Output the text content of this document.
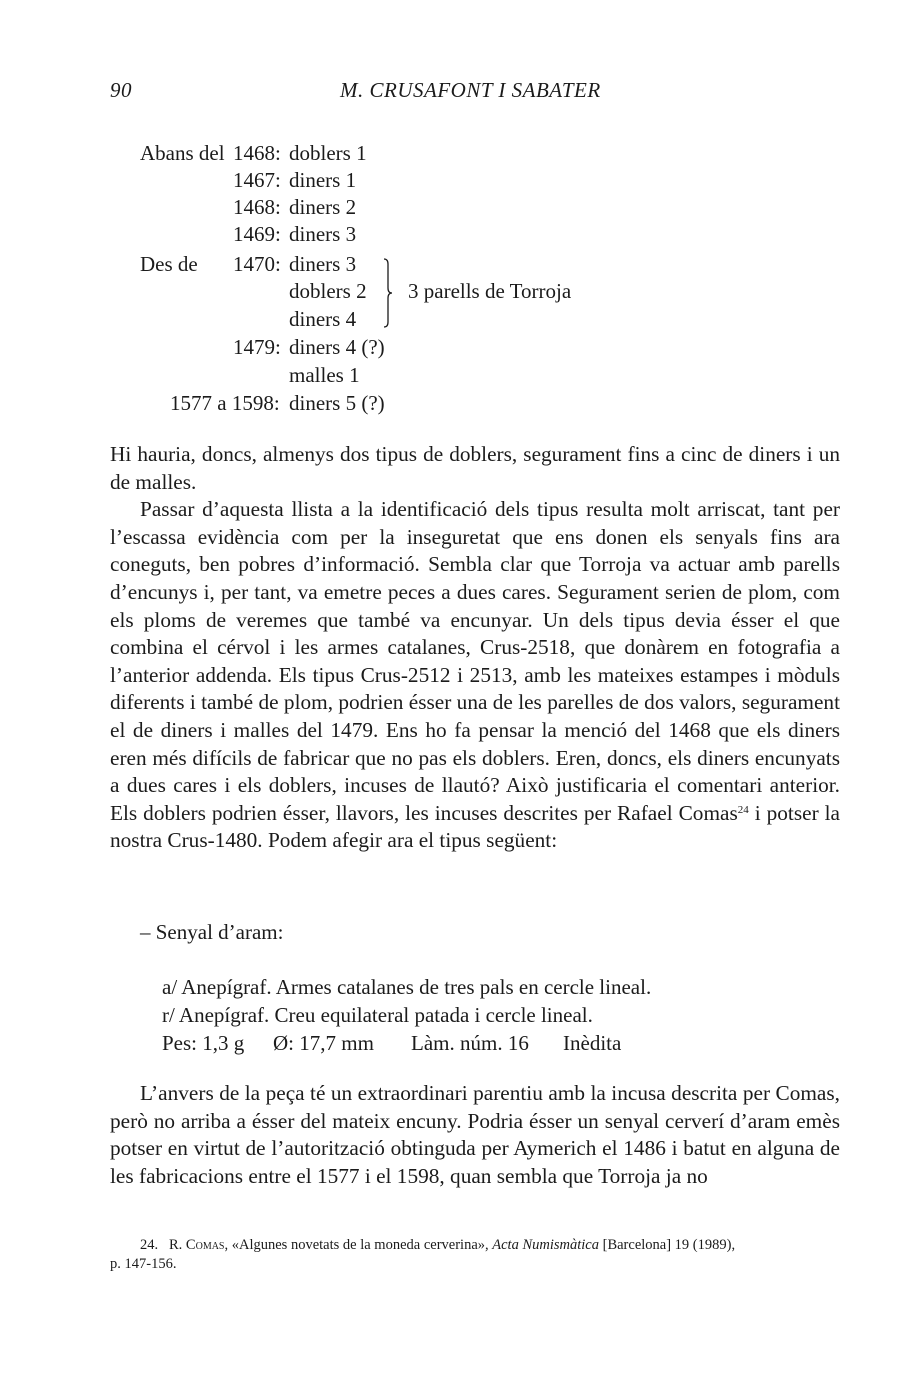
90	M. CRUSAFONT I SABATER
Abans del 1468: doblers 1
1467: diners 1
1468: diners 2
1469: diners 3
Des de 1470: diners 3
doblers 2
diners 4
1479: diners 4 (?)
malles 1
1577 a 1598: diners 5 (?)
3 parells de Torroja

Hi hauria, doncs, almenys dos tipus de doblers, segurament fins a cinc de diners i un de malles.

Passar d’aquesta llista a la identificació dels tipus resulta molt arriscat, tant per l’escassa evidència com per la inseguretat que ens donen els senyals fins ara coneguts, ben pobres d’informació. Sembla clar que Torroja va actuar amb parells d’encunys i, per tant, va emetre peces a dues cares. Segurament serien de plom, com els ploms de veremes que també va encunyar. Un dels tipus devia ésser el que combina el cérvol i les armes catalanes, Crus-2518, que donàrem en fotografia a l’anterior addenda. Els tipus Crus-2512 i 2513, amb les mateixes estampes i mòduls diferents i també de plom, podrien ésser una de les parelles de dos valors, segurament el de diners i malles del 1479. Ens ho fa pensar la menció del 1468 que els diners eren més difícils de fabricar que no pas els doblers. Eren, doncs, els diners encunyats a dues cares i els doblers, incuses de llautó? Això justificaria el comentari anterior. Els doblers podrien ésser, llavors, les incuses descrites per Rafael Comas$^{24}$ i potser la nostra Crus-1480. Podem afegir ara el tipus següent:

– Senyal d’aram:
a/ Anepígraf. Armes catalanes de tres pals en cercle lineal.
r/ Anepígraf. Creu equilateral patada i cercle lineal.
Pes: 1,3 g Ø: 17,7 mm Làm. núm. 16 Inèdita

L’anvers de la peça té un extraordinari parentiu amb la incusa descrita per Comas, però no arriba a ésser del mateix encuny. Podria ésser un senyal cerverí d’aram emès potser en virtut de l’autorització obtinguda per Aymerich el 1486 i batut en alguna de les fabricacions entre el 1577 i el 1598, quan sembla que Torroja ja no

24. R. Comas, «Algunes novetats de la moneda cerverina», Acta Numismàtica [Barcelona] 19 (1989),

p. 147-156.
